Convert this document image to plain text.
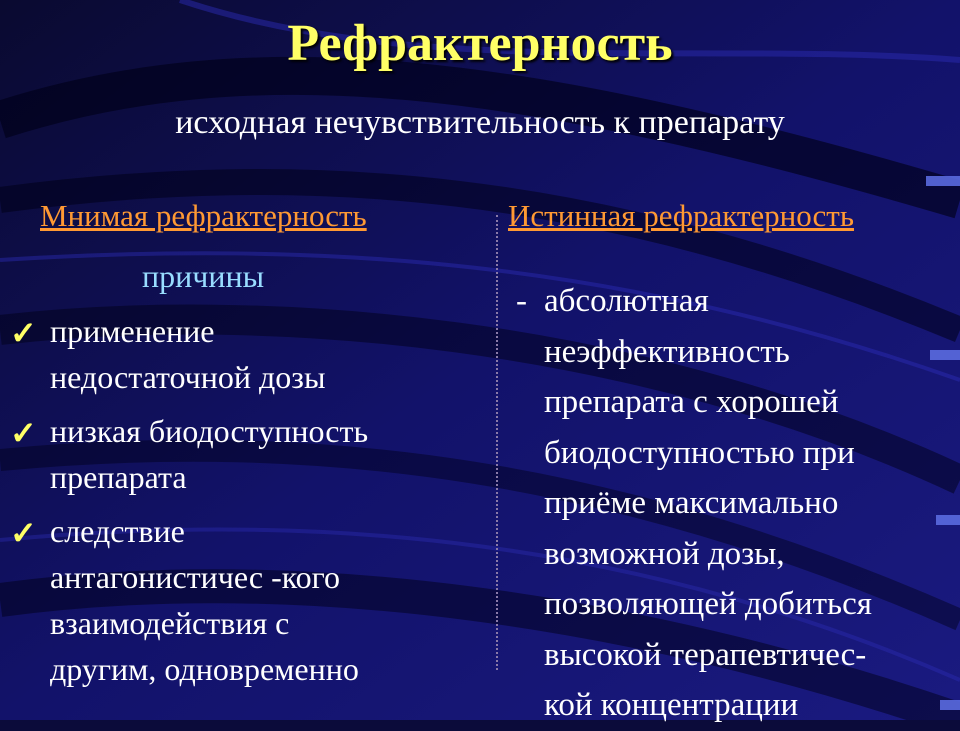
Рефрактерность

исходная нечувствительность к препарату

Мнимая рефрактерность	Истинная рефрактерность

причины
✓ применение
недостаточной дозы
✓ низкая биодоступность
препарата
✓ следствие
антагонистичес -кого
взаимодействия с
другим, одновременно
- абсолютная
неэффективность
препарата с хорошей
биодоступностью при
приёме максимально
возможной дозы,
позволяющей добиться
высокой терапевтичес-
кой концентрации
